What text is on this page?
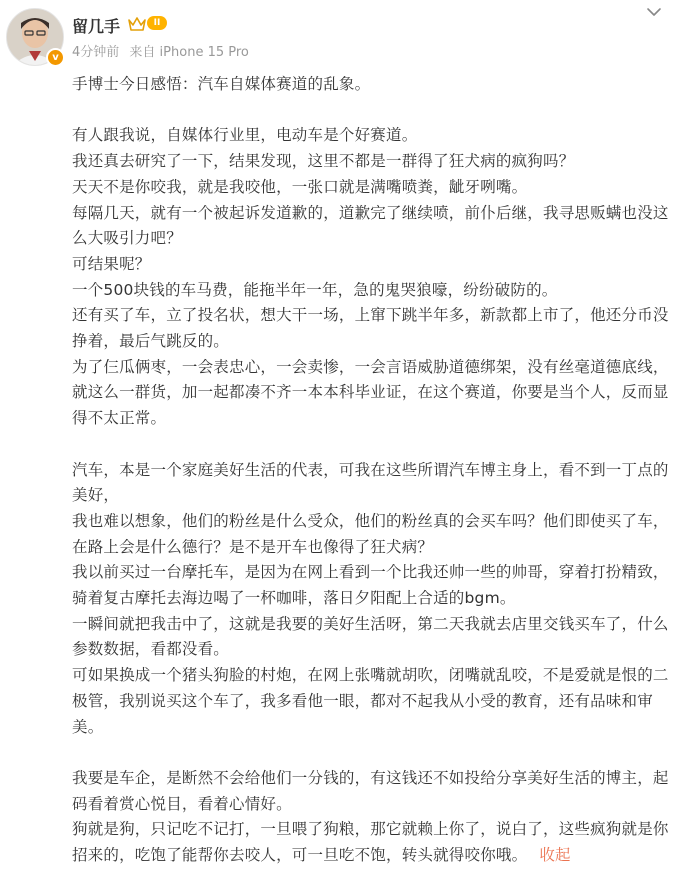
v
留几手	II
4分钟前 来自 iPhone 15 Pro

手博士今日感悟：汽车自媒体赛道的乱象。

有人跟我说，自媒体行业里，电动车是个好赛道。

我还真去研究了一下，结果发现，这里不都是一群得了狂犬病的疯狗吗？

天天不是你咬我，就是我咬他，一张口就是满嘴喷粪，龇牙咧嘴。

每隔几天，就有一个被起诉发道歉的，道歉完了继续喷，前仆后继，我寻思贩螨也没这么大吸引力吧？

可结果呢？

一个500块钱的车马费，能拖半年一年，急的鬼哭狼嚎，纷纷破防的。

还有买了车，立了投名状，想大干一场，上窜下跳半年多，新款都上市了，他还分币没挣着，最后气跳反的。

为了仨瓜俩枣，一会表忠心，一会卖惨，一会言语威胁道德绑架，没有丝毫道德底线，就这么一群货，加一起都凑不齐一本本科毕业证，在这个赛道，你要是当个人，反而显得不太正常。

汽车，本是一个家庭美好生活的代表，可我在这些所谓汽车博主身上，看不到一丁点的美好，

我也难以想象，他们的粉丝是什么受众，他们的粉丝真的会买车吗？他们即使买了车，在路上会是什么德行？是不是开车也像得了狂犬病？

我以前买过一台摩托车，是因为在网上看到一个比我还帅一些的帅哥，穿着打扮精致，骑着复古摩托去海边喝了一杯咖啡，落日夕阳配上合适的bgm。

一瞬间就把我击中了，这就是我要的美好生活呀，第二天我就去店里交钱买车了，什么参数数据，看都没看。

可如果换成一个猪头狗脸的村炮，在网上张嘴就胡吹，闭嘴就乱咬，不是爱就是恨的二极管，我别说买这个车了，我多看他一眼，都对不起我从小受的教育，还有品味和审美。

我要是车企，是断然不会给他们一分钱的，有这钱还不如投给分享美好生活的博主，起码看着赏心悦目，看着心情好。

狗就是狗，只记吃不记打，一旦喂了狗粮，那它就赖上你了，说白了，这些疯狗就是你招来的，吃饱了能帮你去咬人，可一旦吃不饱，转头就得咬你哦。 收起
